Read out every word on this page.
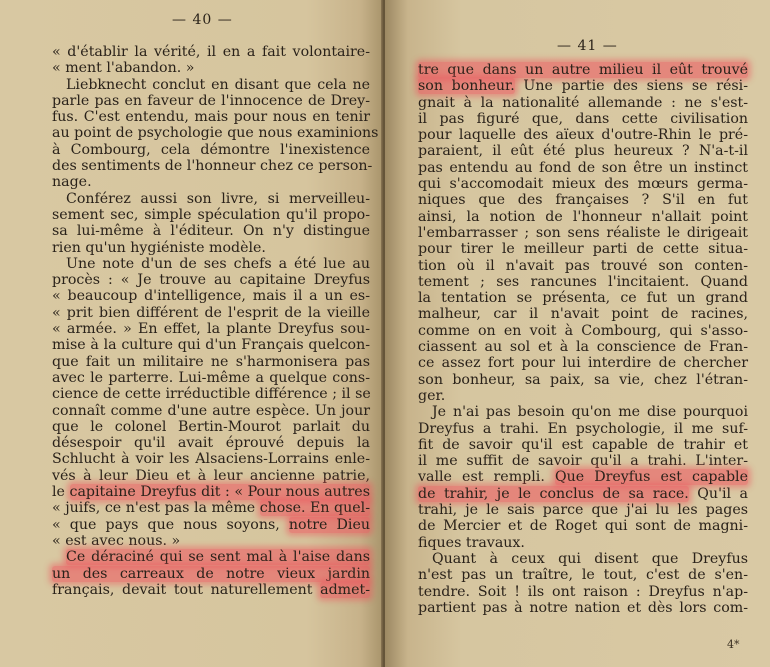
— 40 —
« d'établir la vérité, il en a fait volontaire-
« ment l'abandon. »
Liebknecht conclut en disant que cela ne
parle pas en faveur de l'innocence de Drey-
fus. C'est entendu, mais pour nous en tenir
au point de psychologie que nous examinions
à Combourg, cela démontre l'inexistence
des sentiments de l'honneur chez ce person-
nage.
Conférez aussi son livre, si merveilleu-
sement sec, simple spéculation qu'il propo-
sa lui-même à l'éditeur. On n'y distingue
rien qu'un hygiéniste modèle.
Une note d'un de ses chefs a été lue au
procès : « Je trouve au capitaine Dreyfus
« beaucoup d'intelligence, mais il a un es-
« prit bien différent de l'esprit de la vieille
« armée. » En effet, la plante Dreyfus sou-
mise à la culture qui d'un Français quelcon-
que fait un militaire ne s'harmonisera pas
avec le parterre. Lui-même a quelque cons-
cience de cette irréductible différence ; il se
connaît comme d'une autre espèce. Un jour
que le colonel Bertin-Mourot parlait du
désespoir qu'il avait éprouvé depuis la
Schlucht à voir les Alsaciens-Lorrains enle-
vés à leur Dieu et à leur ancienne patrie,
le capitaine Dreyfus dit : « Pour nous autres
« juifs, ce n'est pas la même chose. En quel-
« que pays que nous soyons, notre Dieu
« est avec nous. »
Ce déraciné qui se sent mal à l'aise dans
un des carreaux de notre vieux jardin
français, devait tout naturellement admet-
— 41 —
tre que dans un autre milieu il eût trouvé
son bonheur. Une partie des siens se rési-
gnait à la nationalité allemande : ne s'est-
il pas figuré que, dans cette civilisation
pour laquelle des aïeux d'outre-Rhin le pré-
paraient, il eût été plus heureux ? N'a-t-il
pas entendu au fond de son être un instinct
qui s'accomodait mieux des mœurs germa-
niques que des françaises ? S'il en fut
ainsi, la notion de l'honneur n'allait point
l'embarrasser ; son sens réaliste le dirigeait
pour tirer le meilleur parti de cette situa-
tion où il n'avait pas trouvé son conten-
tement ; ses rancunes l'incitaient. Quand
la tentation se présenta, ce fut un grand
malheur, car il n'avait point de racines,
comme on en voit à Combourg, qui s'asso-
ciassent au sol et à la conscience de Fran-
ce assez fort pour lui interdire de chercher
son bonheur, sa paix, sa vie, chez l'étran-
ger.
Je n'ai pas besoin qu'on me dise pourquoi
Dreyfus a trahi. En psychologie, il me suf-
fit de savoir qu'il est capable de trahir et
il me suffit de savoir qu'il a trahi. L'inter-
valle est rempli. Que Dreyfus est capable
de trahir, je le conclus de sa race. Qu'il a
trahi, je le sais parce que j'ai lu les pages
de Mercier et de Roget qui sont de magni-
fiques travaux.
Quant à ceux qui disent que Dreyfus
n'est pas un traître, le tout, c'est de s'en-
tendre. Soit ! ils ont raison : Dreyfus n'ap-
partient pas à notre nation et dès lors com-
4*
